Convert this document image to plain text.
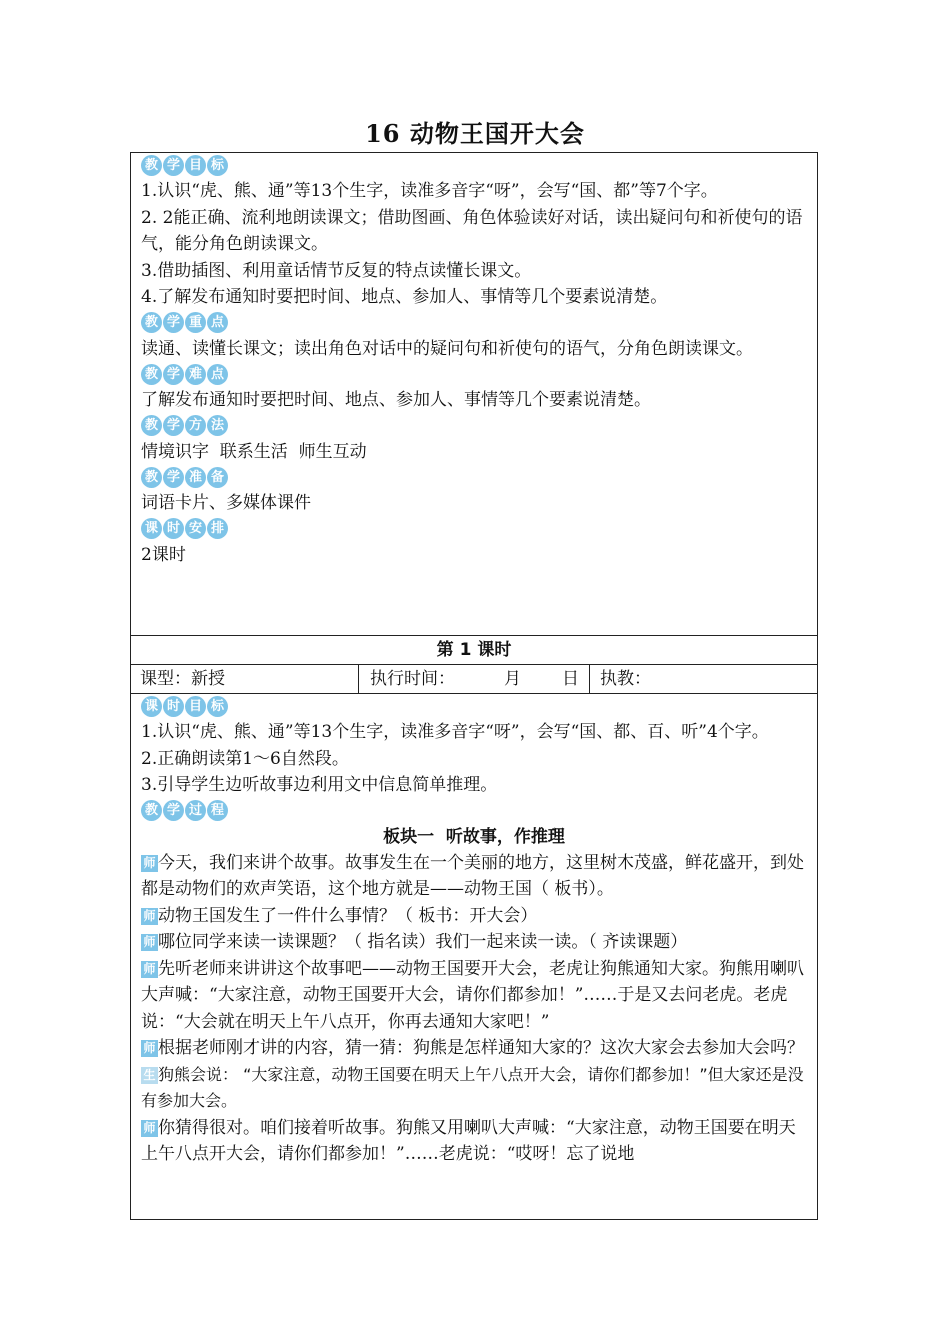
16 动物王国开大会
教 学 目 标

1.认识“虎、熊、通”等13个生字，读准多音字“呀”，会写“国、都”等7个字。

2. 2能正确、流利地朗读课文；借助图画、角色体验读好对话，读出疑问句和祈使句的语气，能分角色朗读课文。

3.借助插图、利用童话情节反复的特点读懂长课文。

4.了解发布通知时要把时间、地点、参加人、事情等几个要素说清楚。

教 学 重 点

读通、读懂长课文；读出角色对话中的疑问句和祈使句的语气，分角色朗读课文。

教 学 难 点

了解发布通知时要把时间、地点、参加人、事情等几个要素说清楚。

教 学 方 法

情境识字  联系生活  师生互动

教 学 准 备

词语卡片、多媒体课件

课 时 安 排

2课时

第 1 课时
课型：新授	执行时间：	月	日	执教：
课 时 目 标

1.认识“虎、熊、通”等13个生字，读准多音字“呀”，会写“国、都、百、听”4个字。

2.正确朗读第1～6自然段。

3.引导学生边听故事边利用文中信息简单推理。

教 学 过 程
板块一  听故事，作推理

师 今天，我们来讲个故事。故事发生在一个美丽的地方，这里树木茂盛，鲜花盛开，到处都是动物们的欢声笑语，这个地方就是——动物王国（ 板书）。

师 动物王国发生了一件什么事情？（ 板书：开大会）

师 哪位同学来读一读课题？（ 指名读）我们一起来读一读。（ 齐读课题）

师 先听老师来讲讲这个故事吧——动物王国要开大会，老虎让狗熊通知大家。狗熊用喇叭大声喊：“大家注意，动物王国要开大会，请你们都参加！”……于是又去问老虎。老虎说：“大会就在明天上午八点开，你再去通知大家吧！”

师 根据老师刚才讲的内容，猜一猜：狗熊是怎样通知大家的？这次大家会去参加大会吗？

生 狗熊会说： “大家注意，动物王国要在明天上午八点开大会，请你们都参加！”但大家还是没有参加大会。

师 你猜得很对。咱们接着听故事。狗熊又用喇叭大声喊：“大家注意，动物王国要在明天上午八点开大会，请你们都参加！”……老虎说：“哎呀！忘了说地
